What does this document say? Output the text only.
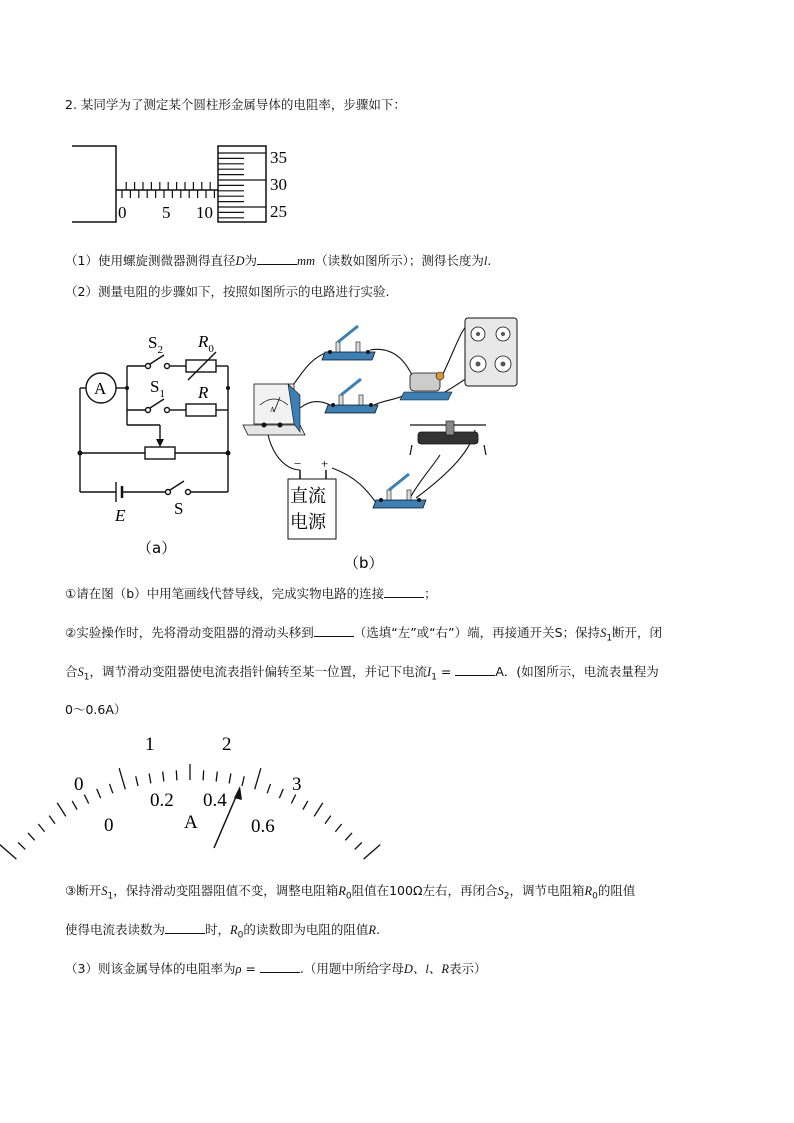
2. 某同学为了测定某个圆柱形金属导体的电阻率，步骤如下：
0 5 10
35
30
25
（1）使用螺旋测微器测得直径D为	mm（读数如图所示）；测得长度为l.
（2）测量电阻的步骤如下，按照如图所示的电路进行实验.
A
$S_2$ $R_0$
$S_1$ R
E	S
（a）
A
− +
直流
电源
（b）
①请在图（b）中用笔画线代替导线，完成实物电路的连接	；
②实验操作时，先将滑动变阻器的滑动头移到	（选填“左”或“右”）端，再接通开关S；保持$S_1$断开，闭
合$S_1$，调节滑动变阻器使电流表指针偏转至某一位置，并记下电流$I_1$ =	A．(如图所示，电流表量程为
0～0.6A）
0
1	2
3
0
0.2 0.4
0.6
A
③断开$S_1$，保持滑动变阻器阻值不变，调整电阻箱$R_0$阻值在100Ω左右，再闭合$S_2$，调节电阻箱$R_0$的阻值
使得电流表读数为	时，$R_0$的读数即为电阻的阻值R.
（3）则该金属导体的电阻率为ρ =	.（用题中所给字母D、l、R表示）
